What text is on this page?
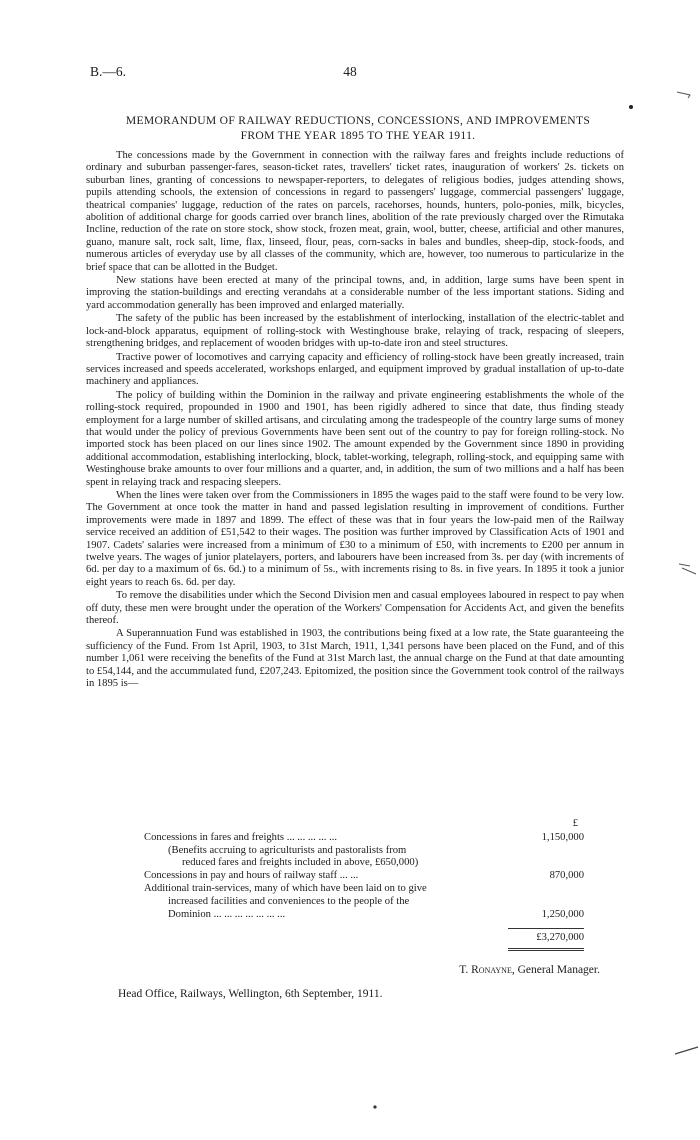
B.—6.	48
MEMORANDUM OF RAILWAY REDUCTIONS, CONCESSIONS, AND IMPROVEMENTS
FROM THE YEAR 1895 TO THE YEAR 1911.

The concessions made by the Government in connection with the railway fares and freights include reductions of ordinary and suburban passenger-fares, season-ticket rates, travellers' ticket rates, inauguration of workers' 2s. tickets on suburban lines, granting of concessions to newspaper-reporters, to delegates of religious bodies, judges attending shows, pupils attending schools, the extension of concessions in regard to passengers' luggage, commercial passengers' luggage, theatrical companies' luggage, reduction of the rates on parcels, racehorses, hounds, hunters, polo-ponies, milk, bicycles, abolition of additional charge for goods carried over branch lines, abolition of the rate previously charged over the Rimutaka Incline, reduction of the rate on store stock, show stock, frozen meat, grain, wool, butter, cheese, artificial and other manures, guano, manure salt, rock salt, lime, flax, linseed, flour, peas, corn-sacks in bales and bundles, sheep-dip, stock-foods, and numerous articles of everyday use by all classes of the community, which are, however, too numerous to particularize in the brief space that can be allotted in the Budget.

New stations have been erected at many of the principal towns, and, in addition, large sums have been spent in improving the station-buildings and erecting verandahs at a considerable number of the less important stations. Siding and yard accommodation generally has been improved and enlarged materially.

The safety of the public has been increased by the establishment of interlocking, installation of the electric-tablet and lock-and-block apparatus, equipment of rolling-stock with Westinghouse brake, relaying of track, respacing of sleepers, strengthening bridges, and replacement of wooden bridges with up-to-date iron and steel structures.

Tractive power of locomotives and carrying capacity and efficiency of rolling-stock have been greatly increased, train services increased and speeds accelerated, workshops enlarged, and equipment improved by gradual installation of up-to-date machinery and appliances.

The policy of building within the Dominion in the railway and private engineering establishments the whole of the rolling-stock required, propounded in 1900 and 1901, has been rigidly adhered to since that date, thus finding steady employment for a large number of skilled artisans, and circulating among the tradespeople of the country large sums of money that would under the policy of previous Governments have been sent out of the country to pay for foreign rolling-stock. No imported stock has been placed on our lines since 1902. The amount expended by the Government since 1890 in providing additional accommodation, establishing interlocking, block, tablet-working, telegraph, rolling-stock, and equipping same with Westinghouse brake amounts to over four millions and a quarter, and, in addition, the sum of two millions and a half has been spent in relaying track and respacing sleepers.

When the lines were taken over from the Commissioners in 1895 the wages paid to the staff were found to be very low. The Government at once took the matter in hand and passed legislation resulting in improvement of conditions. Further improvements were made in 1897 and 1899. The effect of these was that in four years the low-paid men of the Railway service received an addition of £51,542 to their wages. The position was further improved by Classification Acts of 1901 and 1907. Cadets' salaries were increased from a minimum of £30 to a minimum of £50, with increments to £200 per annum in twelve years. The wages of junior platelayers, porters, and labourers have been increased from 3s. per day (with increments of 6d. per day to a maximum of 6s. 6d.) to a minimum of 5s., with increments rising to 8s. in five years. In 1895 it took a junior eight years to reach 6s. 6d. per day.

To remove the disabilities under which the Second Division men and casual employees laboured in respect to pay when off duty, these men were brought under the operation of the Workers' Compensation for Accidents Act, and given the benefits thereof.

A Superannuation Fund was established in 1903, the contributions being fixed at a low rate, the State guaranteeing the sufficiency of the Fund. From 1st April, 1903, to 31st March, 1911, 1,341 persons have been placed on the Fund, and of this number 1,061 were receiving the benefits of the Fund at 31st March last, the annual charge on the Fund at that date amounting to £54,144, and the accummulated fund, £207,243. Epitomized, the position since the Government took control of the railways in 1895 is—

£
Concessions in fares and freights ... ... ... ... ...	1,150,000
(Benefits accruing to agriculturists and pastoralists from
reduced fares and freights included in above, £650,000)
Concessions in pay and hours of railway staff ... ...	870,000
Additional train-services, many of which have been laid on to give
increased facilities and conveniences to the people of the
Dominion ... ... ... ... ... ... ...	1,250,000
£3,270,000
T. Ronayne, General Manager.
Head Office, Railways, Wellington, 6th September, 1911.
